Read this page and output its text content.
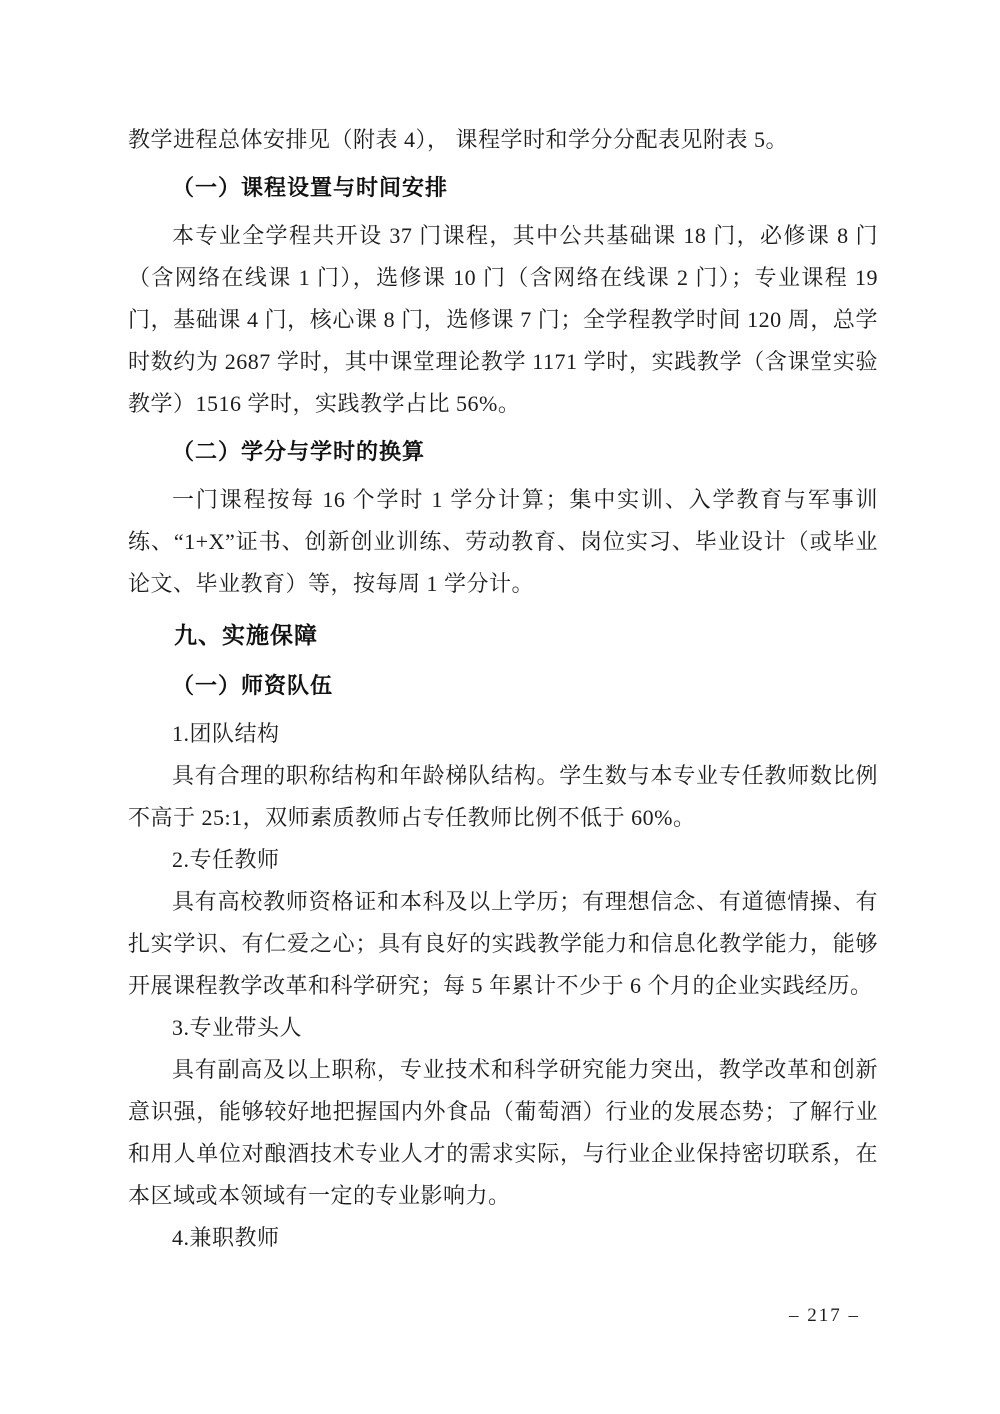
教学进程总体安排见（附表 4）， 课程学时和学分分配表见附表 5。
（一）课程设置与时间安排
本专业全学程共开设 37 门课程，其中公共基础课 18 门，必修课 8 门（含网络在线课 1 门），选修课 10 门（含网络在线课 2 门）；专业课程 19 门，基础课 4 门，核心课 8 门，选修课 7 门；全学程教学时间 120 周，总学时数约为 2687 学时，其中课堂理论教学 1171 学时，实践教学（含课堂实验教学）1516 学时，实践教学占比 56%。
（二）学分与学时的换算
一门课程按每 16 个学时 1 学分计算；集中实训、入学教育与军事训练、“1+X”证书、创新创业训练、劳动教育、岗位实习、毕业设计（或毕业论文、毕业教育）等，按每周 1 学分计。
九、实施保障
（一）师资队伍
1.团队结构
具有合理的职称结构和年龄梯队结构。学生数与本专业专任教师数比例不高于 25:1，双师素质教师占专任教师比例不低于 60%。
2.专任教师
具有高校教师资格证和本科及以上学历；有理想信念、有道德情操、有扎实学识、有仁爱之心；具有良好的实践教学能力和信息化教学能力，能够开展课程教学改革和科学研究；每 5 年累计不少于 6 个月的企业实践经历。
3.专业带头人
具有副高及以上职称，专业技术和科学研究能力突出，教学改革和创新意识强，能够较好地把握国内外食品（葡萄酒）行业的发展态势；了解行业和用人单位对酿酒技术专业人才的需求实际，与行业企业保持密切联系，在本区域或本领域有一定的专业影响力。
4.兼职教师
– 217 –
